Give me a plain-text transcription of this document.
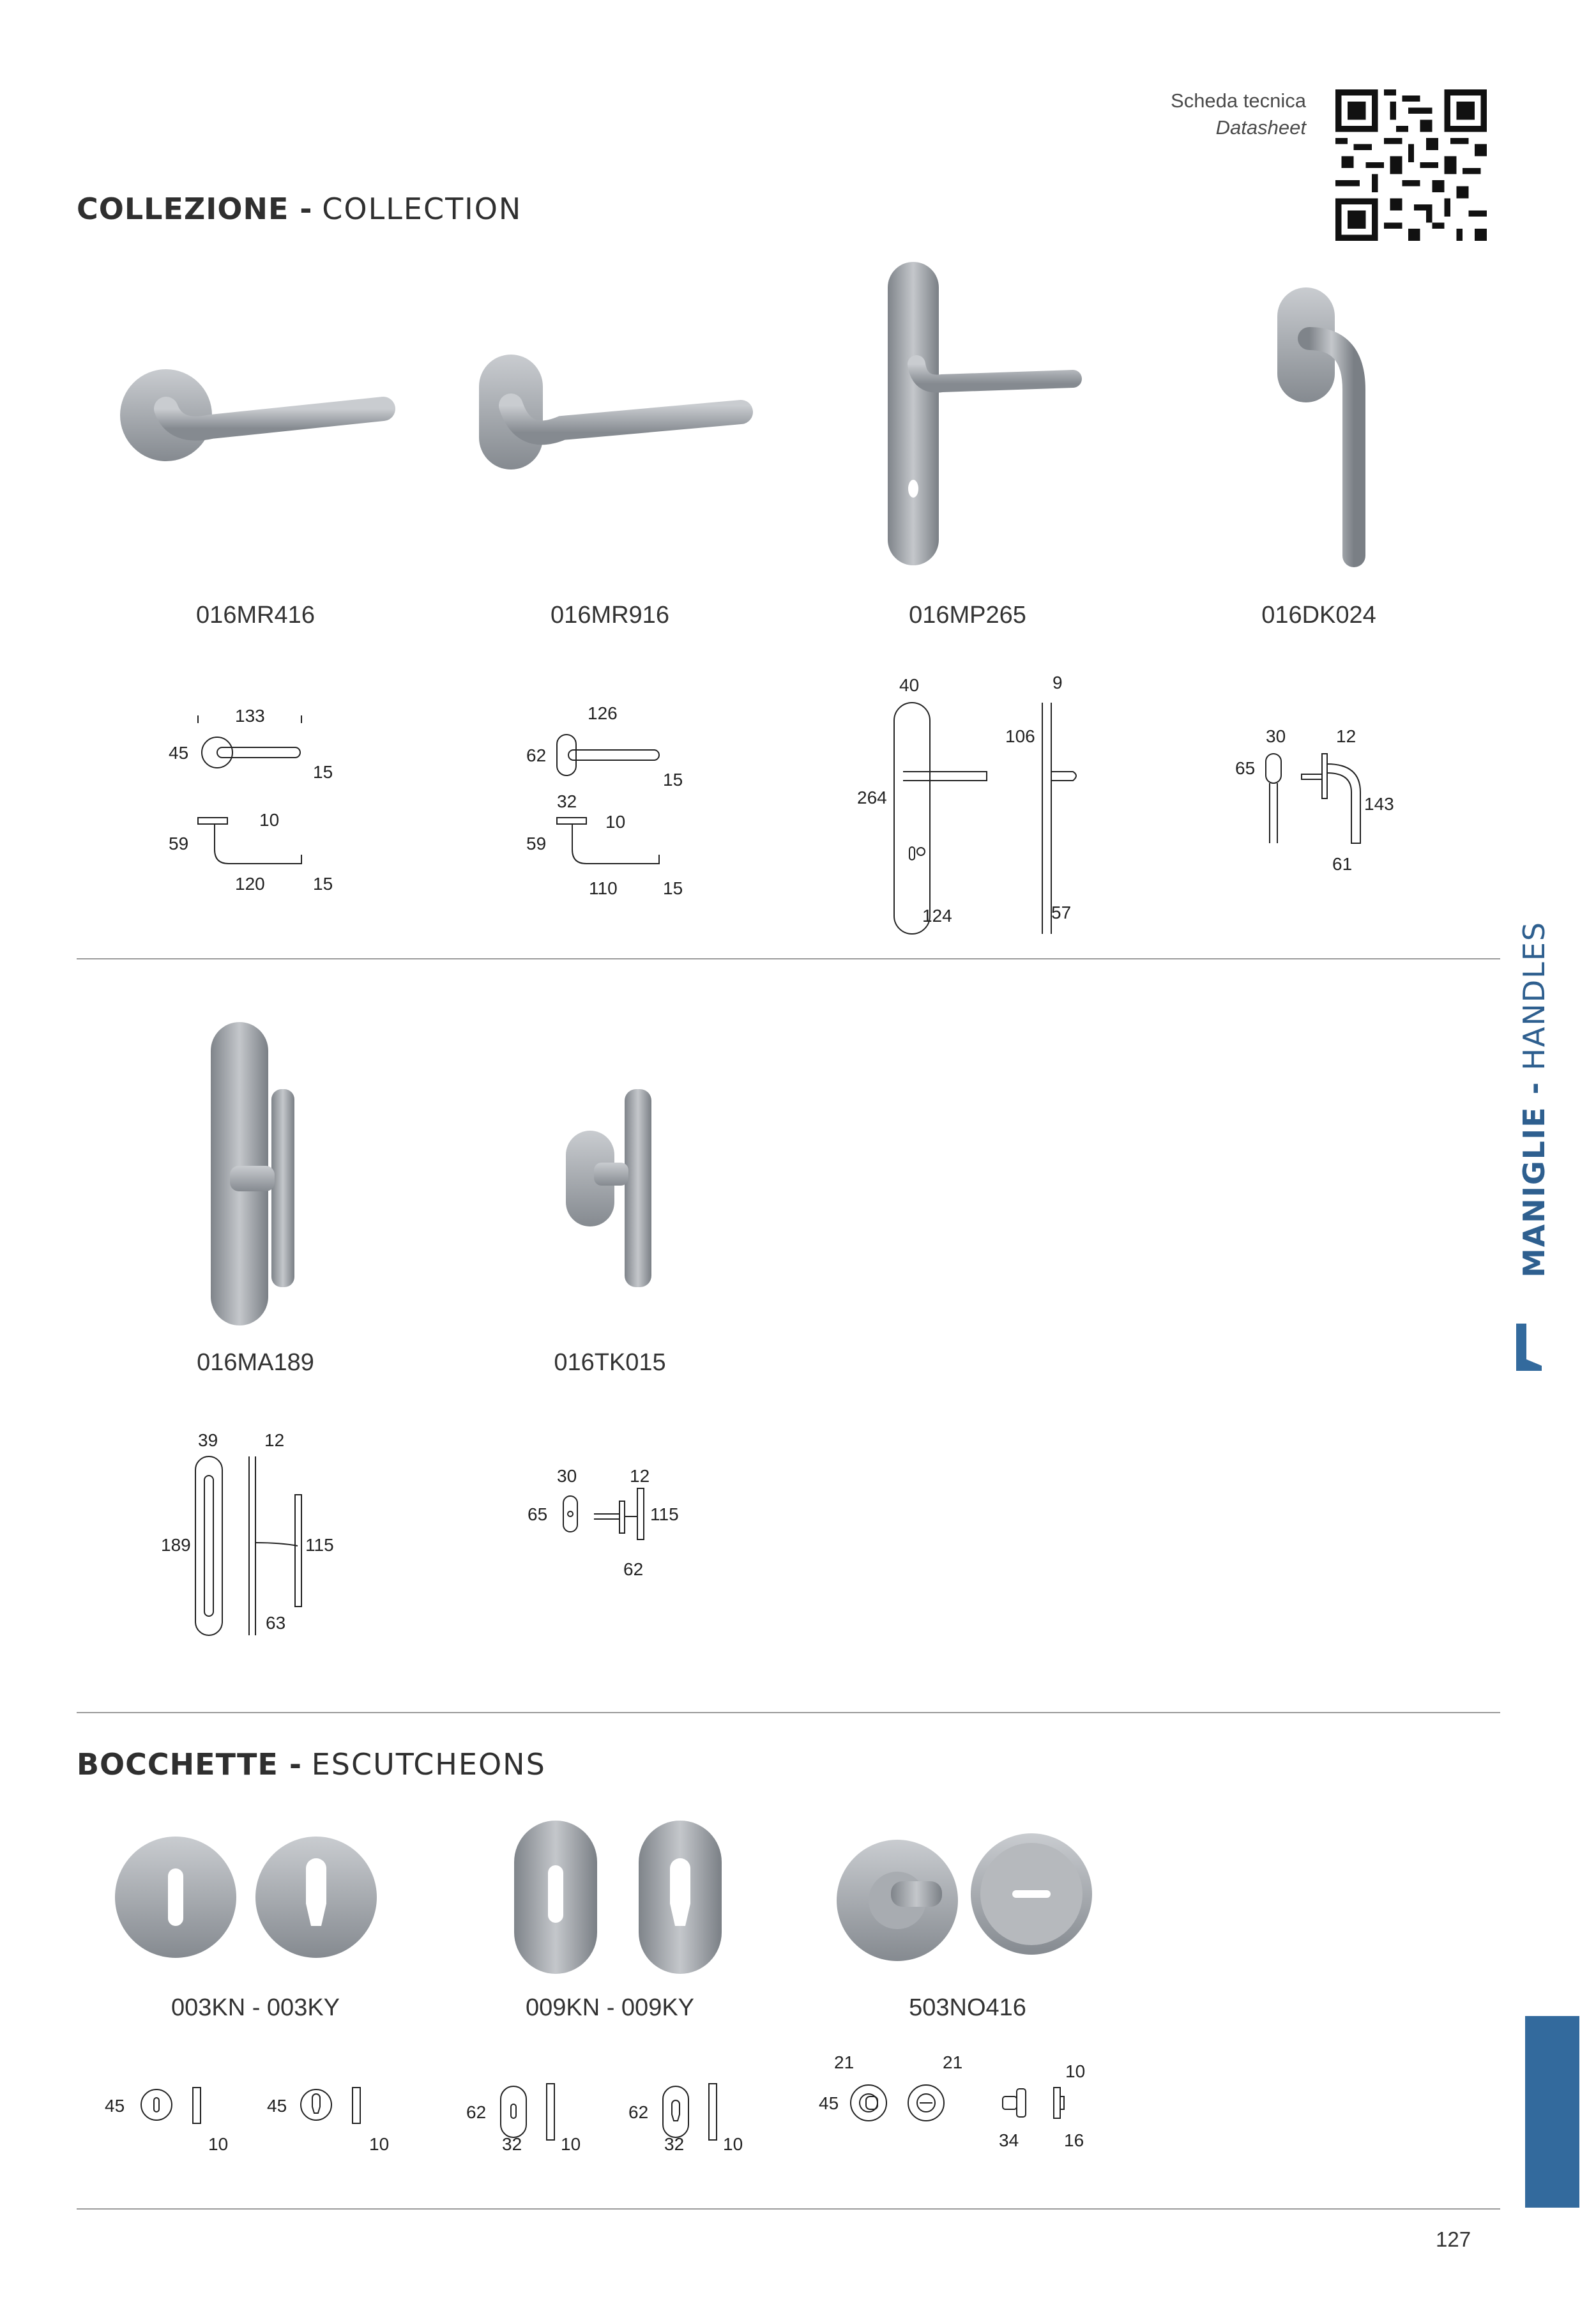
Scheda tecnica
Datasheet
COLLEZIONE - COLLECTION
016MR416	016MR916	016MP265	016DK024
133
45
15
59
10
120	15
126
62
15
32
59
10
110	15
40
264
9
106
124	57
30
65
12
143
61
016MA189	016TK015
39
189
12
115
63
30
65
12
115
62
BOCCHETTE - ESCUTCHEONS
003KN - 003KY	009KN - 009KY	503NO416
45
10
45
10
62
32 10
62
32 10
21	21
45
10
34	16
MANIGLIE - HANDLES
127
